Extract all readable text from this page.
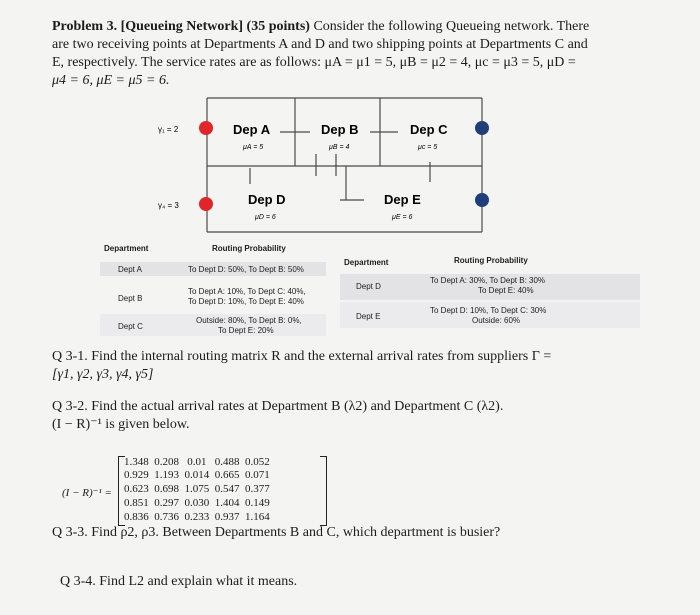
Problem 3. [Queueing Network] (35 points) Consider the following Queueing network. There
are two receiving points at Departments A and D and two shipping points at Departments C and
E, respectively. The service rates are as follows: μA = μ1 = 5, μB = μ2 = 4, μc = μ3 = 5, μD =
μ4 = 6, μE = μ5 = 6.
γ₁ = 2
γ₄ = 3
Dep A
μA = 5
Dep B
μB = 4
Dep C
μc = 5
Dep D
μD = 6
Dep E
μE = 6
Department	Routing Probability
Dept A	To Dept D: 50%, To Dept B: 50%
Dept B
To Dept A: 10%, To Dept C: 40%,
To Dept D: 10%, To Dept E: 40%
Dept C
Outside: 80%, To Dept B: 0%,
To Dept E: 20%
Department	Routing Probability
Dept D
To Dept A: 30%, To Dept B: 30%
To Dept E: 40%
Dept E
To Dept D: 10%, To Dept C: 30%
Outside: 60%
Q 3-1. Find the internal routing matrix R and the external arrival rates from suppliers Γ =
[γ1, γ2, γ3, γ4, γ5]
Q 3-2. Find the actual arrival rates at Department B (λ2) and Department C (λ2).
(I − R)⁻¹ is given below.
(I − R)⁻¹ =
1.348  0.208   0.01   0.488  0.052
0.929  1.193  0.014  0.665  0.071
0.623  0.698  1.075  0.547  0.377
0.851  0.297  0.030  1.404  0.149
0.836  0.736  0.233  0.937  1.164
Q 3-3. Find ρ2, ρ3. Between Departments B and C, which department is busier?
Q 3-4. Find L2 and explain what it means.
